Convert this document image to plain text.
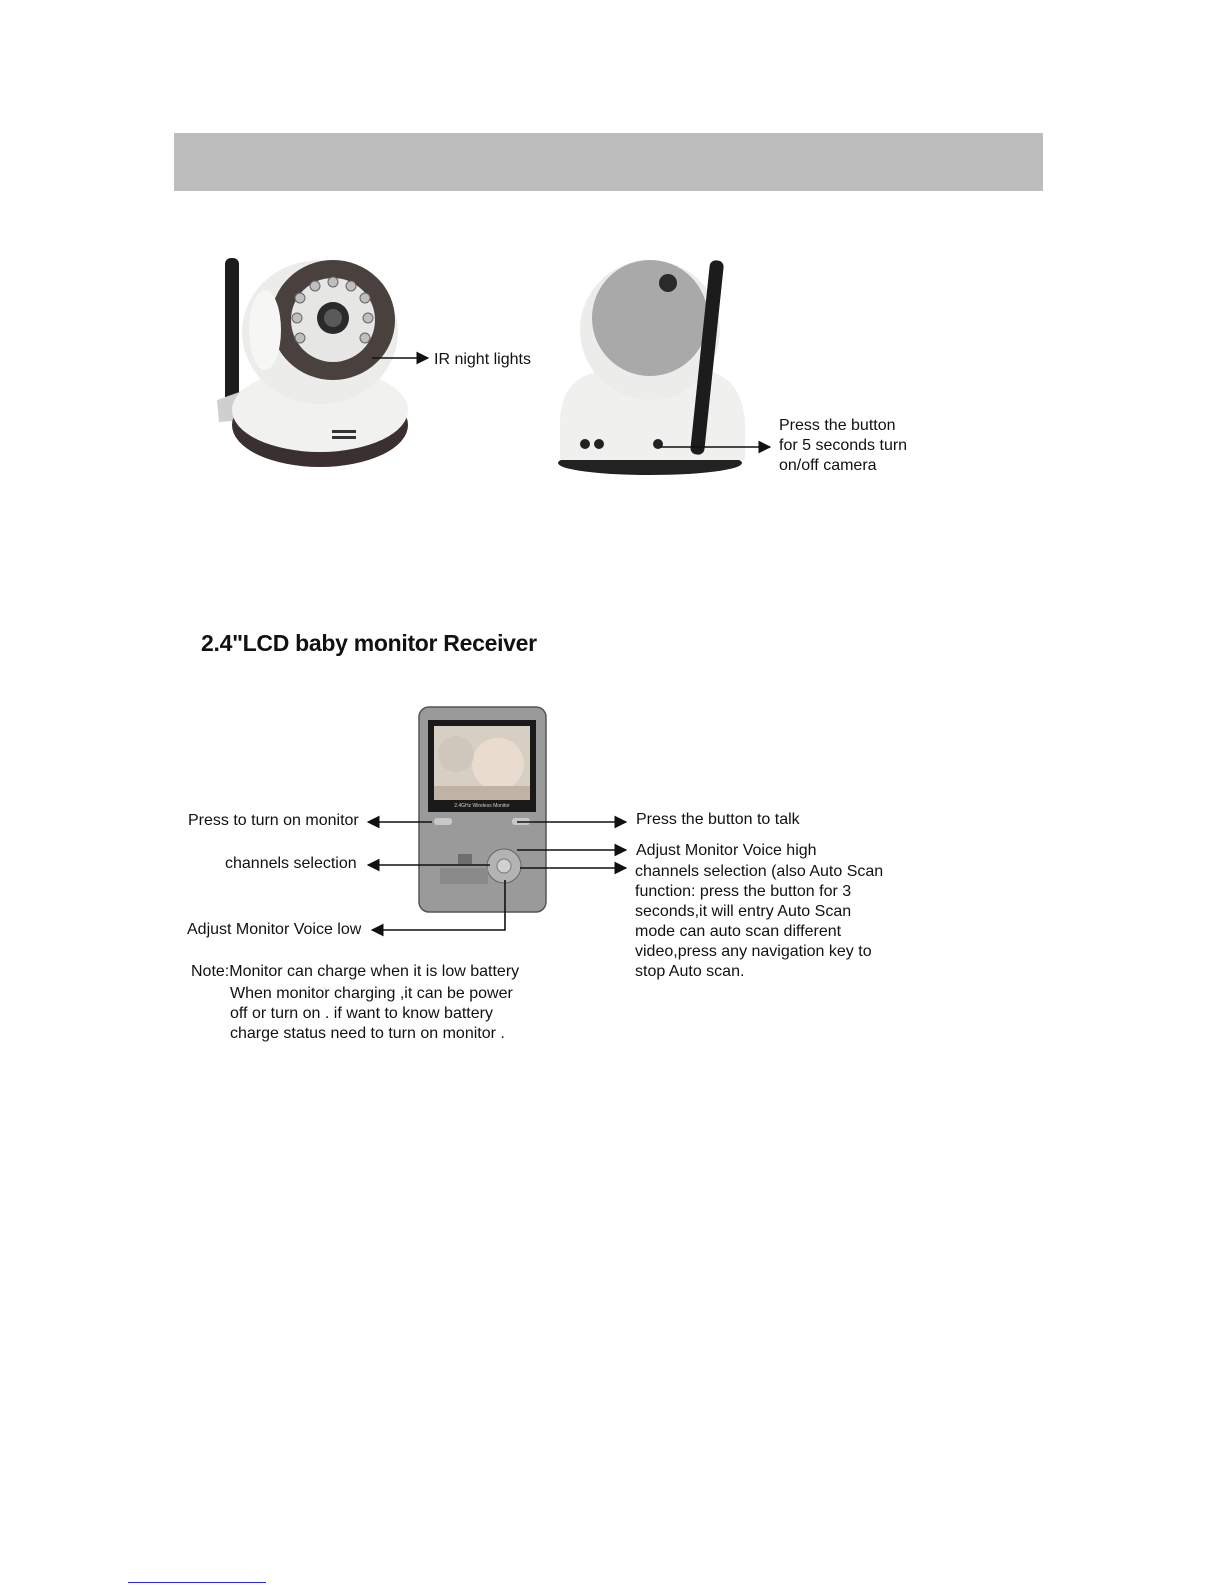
IR night lights
Press the button
for 5 seconds turn
on/off camera
2.4"LCD baby monitor Receiver
2.4GHz Wireless Monitor
Press to turn on monitor
channels selection
Adjust Monitor Voice low
Press the button to talk
Adjust Monitor Voice high
channels selection (also Auto Scan
function: press the button for 3
seconds,it will entry Auto Scan
mode can auto scan different
video,press any navigation key to
stop Auto scan.
Note:Monitor can charge when it is low battery
When monitor charging ,it can be power
off or turn on . if want to know battery
charge status need to turn on monitor .
